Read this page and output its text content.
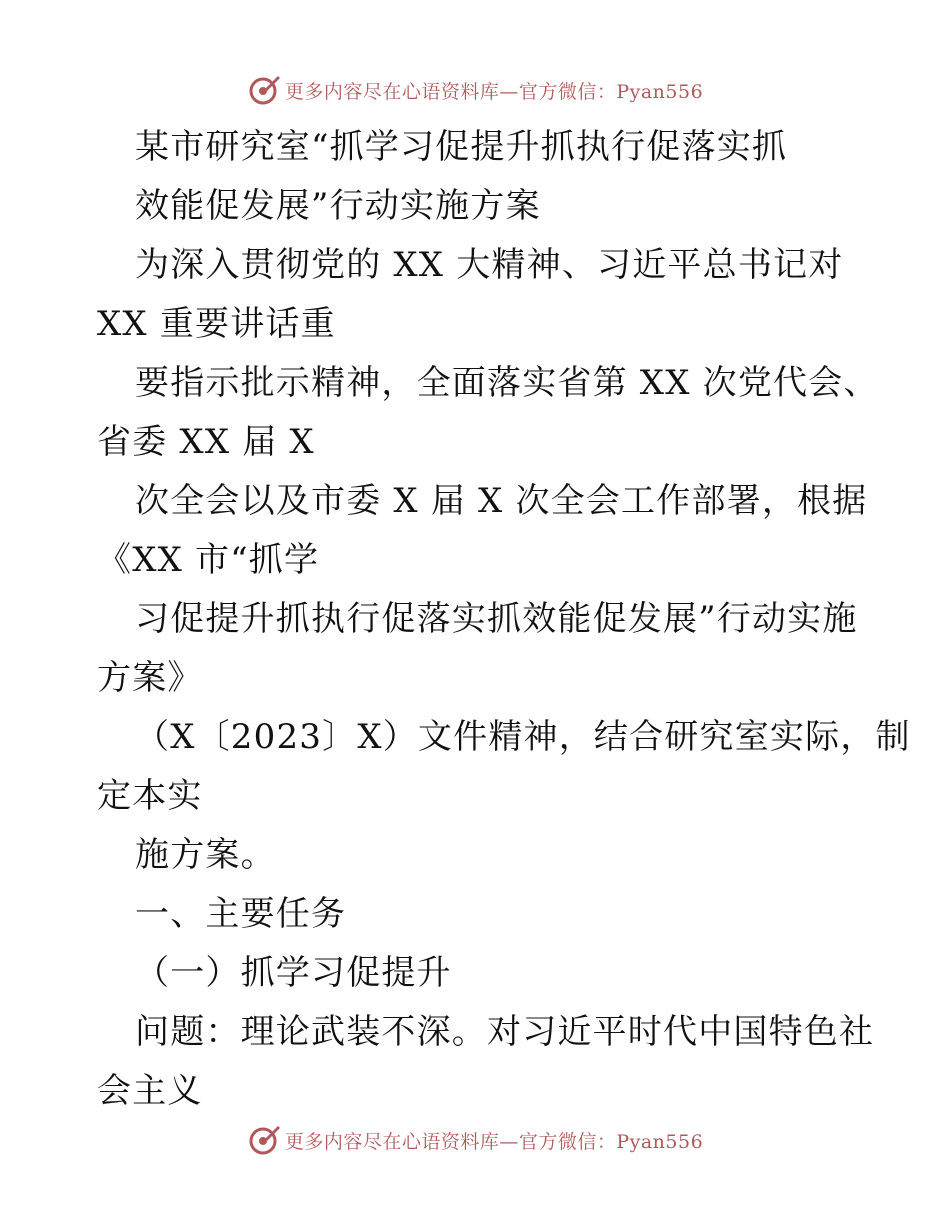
更多内容尽在心语资料库—官方微信：Pyan556
某市研究室“抓学习促提升抓执行促落实抓
效能促发展”行动实施方案
为深入贯彻党的 XX 大精神、习近平总书记对
XX 重要讲话重
要指示批示精神，全面落实省第 XX 次党代会、
省委 XX 届 X
次全会以及市委 X 届 X 次全会工作部署，根据
《XX 市“抓学
习促提升抓执行促落实抓效能促发展”行动实施
方案》
（X〔2023〕X）文件精神，结合研究室实际，制
定本实
施方案。
一、主要任务
（一）抓学习促提升
问题：理论武装不深。对习近平时代中国特色社
会主义
更多内容尽在心语资料库—官方微信：Pyan556
